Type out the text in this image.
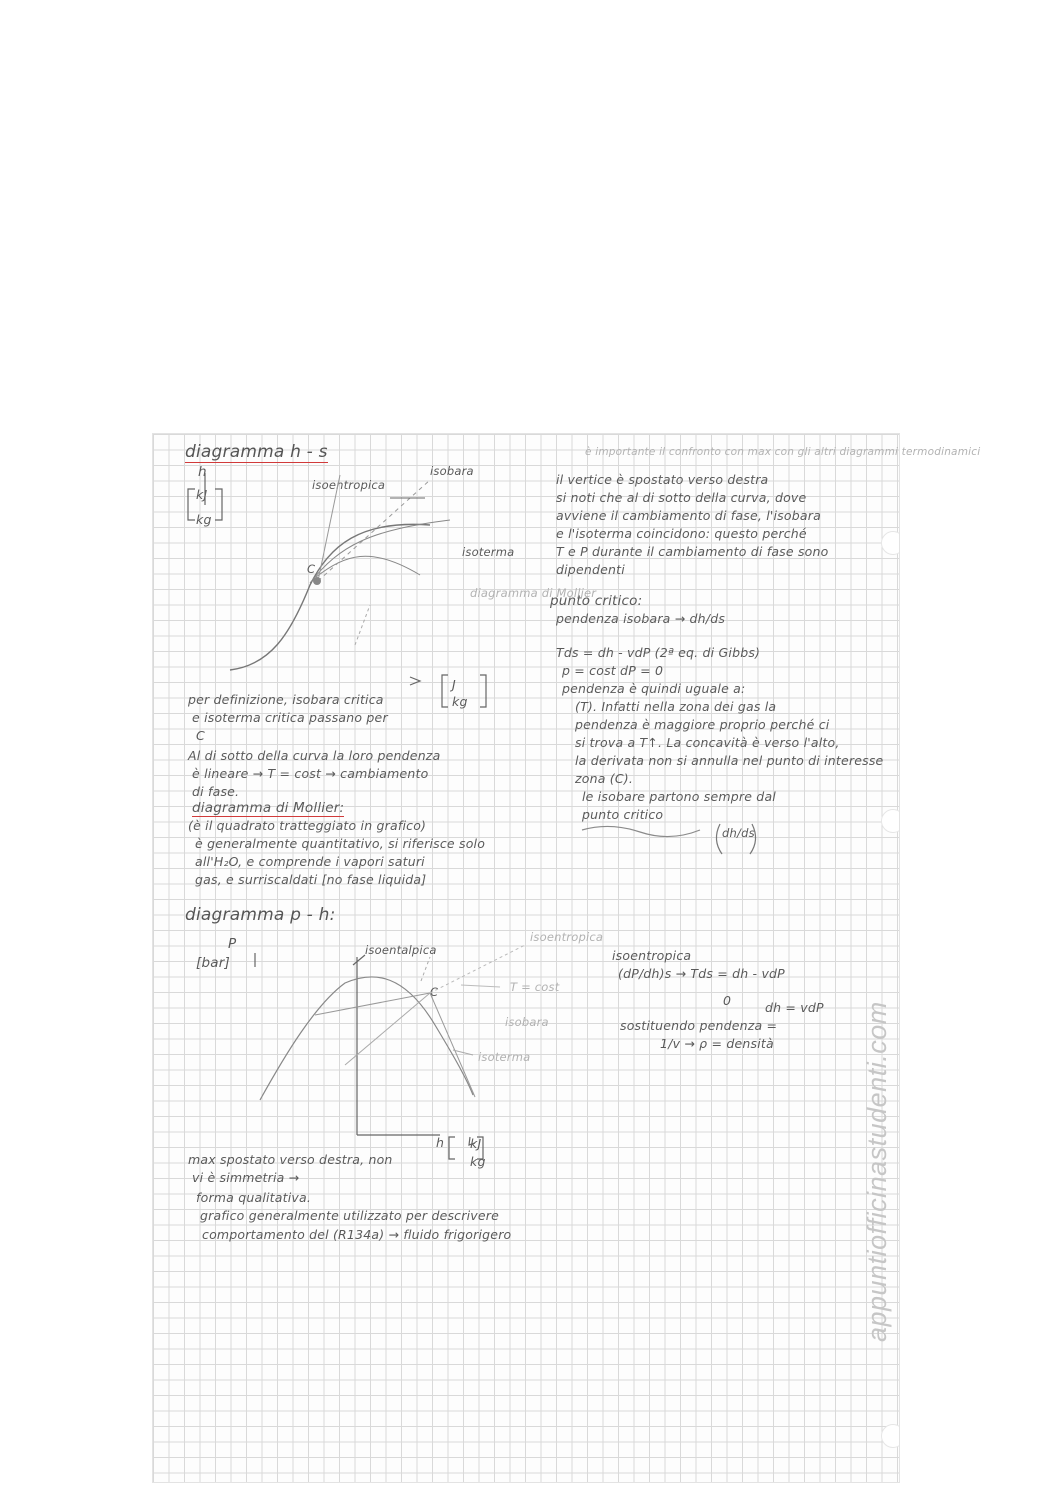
diagramma h - s
h
kJ
kg
isoentropica
isobara
isoterma
C
diagramma di Mollier
J
kg
per definizione, isobara critica
e isoterma critica passano per
C
Al di sotto della curva la loro pendenza
è lineare → T = cost → cambiamento
di fase.
diagramma di Mollier:
(è il quadrato tratteggiato in grafico)
è generalmente quantitativo, si riferisce solo
all'H₂O, e comprende i vapori saturi
gas, e surriscaldati [no fase liquida]
è importante il confronto con max con gli altri diagrammi termodinamici
il vertice è spostato verso destra
si noti che al di sotto della curva, dove
avviene il cambiamento di fase, l'isobara
e l'isoterma coincidono: questo perché
T e P durante il cambiamento di fase sono
dipendenti
punto critico:
pendenza isobara → dh/ds
Tds = dh - vdP (2ª eq. di Gibbs)
p = cost dP = 0
pendenza è quindi uguale a:
(T). Infatti nella zona dei gas la
pendenza è maggiore proprio perché ci
si trova a T↑. La concavità è verso l'alto,
la derivata non si annulla nel punto di interesse
zona (C).
le isobare partono sempre dal
punto critico
dh/ds
diagramma p - h:
P
[bar]
isoentalpica
isoentropica
T = cost
isobara
isoterma
C
h kJ
kg
isoentropica
(dP/dh)s → Tds = dh - vdP
0	dh = vdP
sostituendo pendenza =
1/v → ρ = densità
max spostato verso destra, non
vi è simmetria →
forma qualitativa.
grafico generalmente utilizzato per descrivere
comportamento del (R134a) → fluido frigorigero	appuntiofficinastudenti.com
